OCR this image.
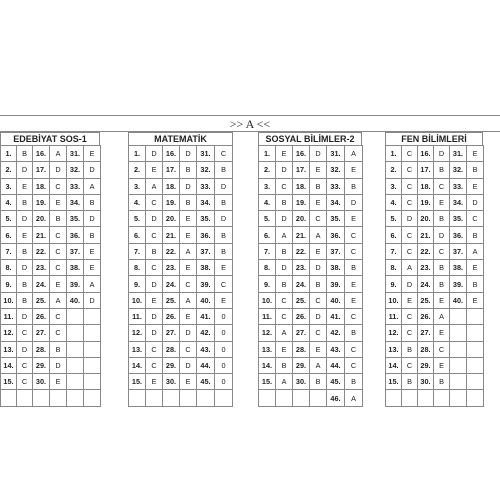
>> A <<
EDEBİYAT SOS-1
1.	B	16.	A	31.	E
2.	D	17.	D	32.	D
3.	E	18.	C	33.	A
4.	B	19.	E	34.	B
5.	D	20.	B	35.	D
6.	E	21.	C	36.	B
7.	B	22.	C	37.	E
8.	D	23.	C	38.	E
9.	B	24.	E	39.	A
10.	B	25.	A	40.	D
11.	D	26.	C		
12.	C	27.	C		
13.	D	28.	B		
14.	C	29.	D		
15.	C	30.	E		

MATEMATİK
1.	D	16.	D	31.	C
2.	E	17.	B	32.	B
3.	A	18.	D	33.	D
4.	C	19.	B	34.	B
5.	D	20.	E	35.	D
6.	C	21.	E	36.	B
7.	B	22.	A	37.	B
8.	C	23.	E	38.	E
9.	D	24.	C	39.	C
10.	E	25.	A	40.	E
11.	D	26.	E	41.	0
12.	D	27.	D	42.	0
13.	C	28.	C	43.	0
14.	C	29.	D	44.	0
15.	E	30.	E	45.	0

SOSYAL BİLİMLER-2
1.	E	16.	D	31.	A
2.	D	17.	E	32.	E
3.	C	18.	B	33.	B
4.	B	19.	E	34.	D
5.	D	20.	C	35.	E
6.	A	21.	A	36.	C
7.	B	22.	E	37.	C
8.	D	23.	D	38.	B
9.	B	24.	B	39.	E
10.	C	25.	C	40.	E
11.	C	26.	D	41.	C
12.	A	27.	C	42.	B
13.	E	28.	E	43.	C
14.	B	29.	A	44.	C
15.	A	30.	B	45.	B
				46.	A
FEN BİLİMLERİ
1.	C	16.	D	31.	E
2.	C	17.	B	32.	B
3.	C	18.	C	33.	E
4.	C	19.	E	34.	D
5.	D	20.	B	35.	C
6.	C	21.	D	36.	B
7.	C	22.	C	37.	A
8.	A	23.	B	38.	E
9.	D	24.	B	39.	B
10.	E	25.	E	40.	E
11.	C	26.	A		
12.	C	27.	E		
13.	B	28.	C		
14.	C	29.	E		
15.	B	30.	B		
